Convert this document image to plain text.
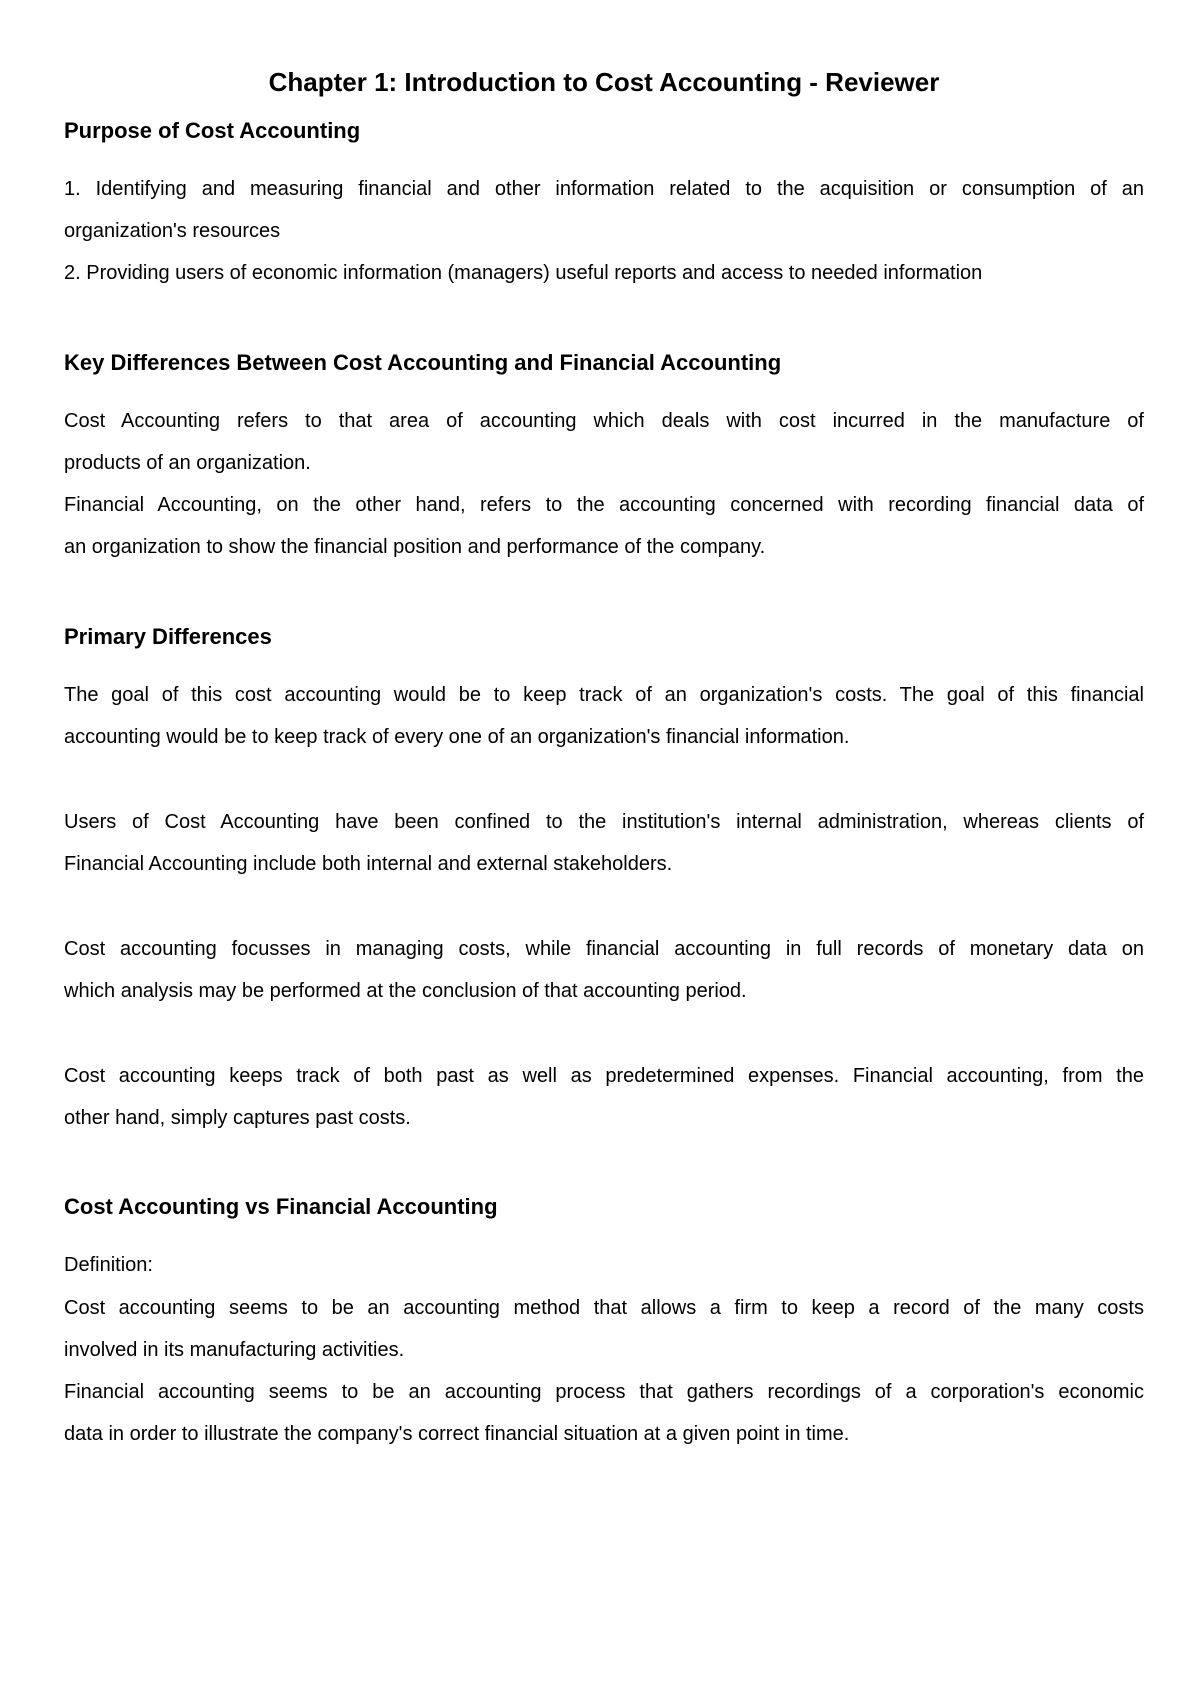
Chapter 1: Introduction to Cost Accounting - Reviewer
Purpose of Cost Accounting
1. Identifying and measuring financial and other information related to the acquisition or consumption of an
organization's resources
2. Providing users of economic information (managers) useful reports and access to needed information
Key Differences Between Cost Accounting and Financial Accounting
Cost Accounting refers to that area of accounting which deals with cost incurred in the manufacture of
products of an organization.
Financial Accounting, on the other hand, refers to the accounting concerned with recording financial data of
an organization to show the financial position and performance of the company.
Primary Differences
The goal of this cost accounting would be to keep track of an organization's costs. The goal of this financial
accounting would be to keep track of every one of an organization's financial information.
Users of Cost Accounting have been confined to the institution's internal administration, whereas clients of
Financial Accounting include both internal and external stakeholders.
Cost accounting focusses in managing costs, while financial accounting in full records of monetary data on
which analysis may be performed at the conclusion of that accounting period.
Cost accounting keeps track of both past as well as predetermined expenses. Financial accounting, from the
other hand, simply captures past costs.
Cost Accounting vs Financial Accounting
Definition:
Cost accounting seems to be an accounting method that allows a firm to keep a record of the many costs
involved in its manufacturing activities.
Financial accounting seems to be an accounting process that gathers recordings of a corporation's economic
data in order to illustrate the company's correct financial situation at a given point in time.
